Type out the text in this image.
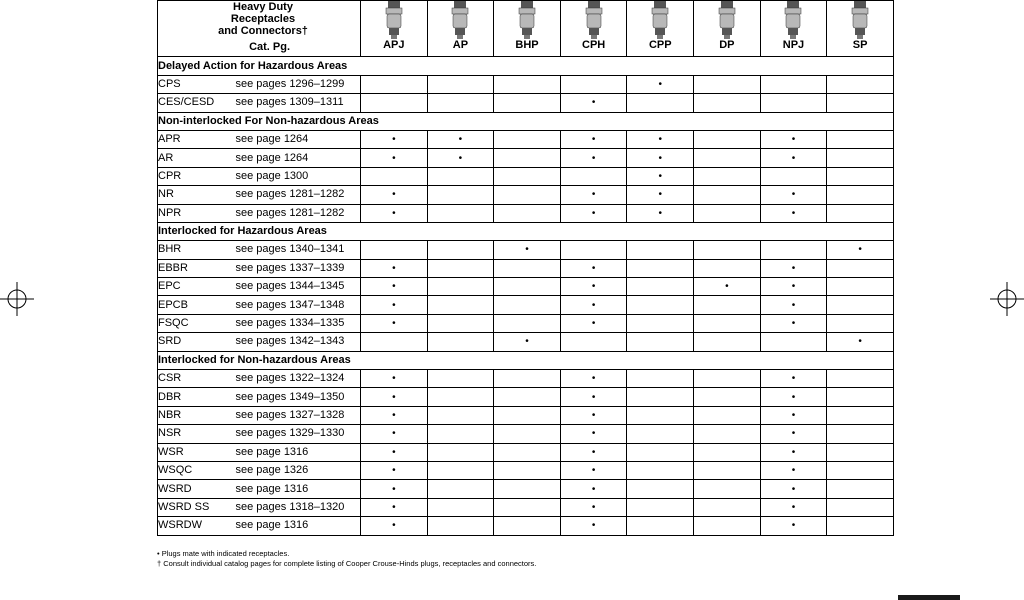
Heavy Duty
Receptacles
and Connectors†

Cat. Pg.		APJ	AP	BHP	CPH	CPP	DP	NPJ	SP
Delayed Action for Hazardous Areas									
CPS	see pages 1296–1299					•			
CES/CESD	see pages 1309–1311				•				
Non-interlocked For Non-hazardous Areas									
APR	see page 1264	•	•		•	•		•	
AR	see page 1264	•	•		•	•		•	
CPR	see page 1300					•			
NR	see pages 1281–1282	•			•	•		•	
NPR	see pages 1281–1282	•			•	•		•	
Interlocked for Hazardous Areas									
BHR	see pages 1340–1341			•					•
EBBR	see pages 1337–1339	•			•			•	
EPC	see pages 1344–1345	•			•		•	•	
EPCB	see pages 1347–1348	•			•			•	
FSQC	see pages 1334–1335	•			•			•	
SRD	see pages 1342–1343			•					•
Interlocked for Non-hazardous Areas									
CSR	see pages 1322–1324	•			•			•	
DBR	see pages 1349–1350	•			•			•	
NBR	see pages 1327–1328	•			•			•	
NSR	see pages 1329–1330	•			•			•	
WSR	see page 1316	•			•			•	
WSQC	see page 1326	•			•			•	
WSRD	see page 1316	•			•			•	
WSRD SS	see pages 1318–1320	•			•			•	
WSRDW	see page 1316	•			•			•	
• Plugs mate with indicated receptacles.
† Consult individual catalog pages for complete listing of Cooper Crouse-Hinds plugs, receptacles and connectors.
